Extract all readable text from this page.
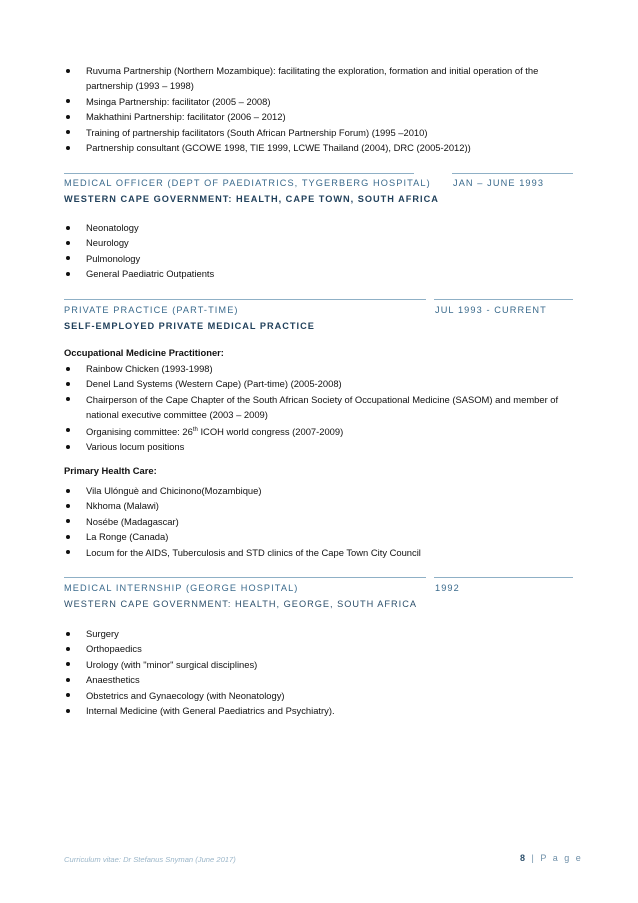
Ruvuma Partnership (Northern Mozambique): facilitating the exploration, formation and initial operation of the partnership (1993 – 1998)
Msinga Partnership: facilitator (2005 – 2008)
Makhathini Partnership: facilitator (2006 – 2012)
Training of partnership facilitators (South African Partnership Forum) (1995 –2010)
Partnership consultant (GCOWE 1998, TIE 1999, LCWE Thailand (2004), DRC (2005-2012))
MEDICAL OFFICER (DEPT OF PAEDIATRICS, TYGERBERG HOSPITAL) JAN – JUNE 1993
WESTERN CAPE GOVERNMENT: HEALTH, CAPE TOWN, SOUTH AFRICA
Neonatology
Neurology
Pulmonology
General Paediatric Outpatients
PRIVATE PRACTICE (PART-TIME)	JUL 1993 - CURRENT
SELF-EMPLOYED PRIVATE MEDICAL PRACTICE
Occupational Medicine Practitioner:
Rainbow Chicken (1993-1998)
Denel Land Systems (Western Cape) (Part-time) (2005-2008)
Chairperson of the Cape Chapter of the South African Society of Occupational Medicine (SASOM) and member of national executive committee (2003 – 2009)
Organising committee: 26th ICOH world congress (2007-2009)
Various locum positions
Primary Health Care:
Vila Ulónguè and Chicinono(Mozambique)
Nkhoma (Malawi)
Nosébe (Madagascar)
La Ronge (Canada)
Locum for the AIDS, Tuberculosis and STD clinics of the Cape Town City Council
MEDICAL INTERNSHIP (GEORGE HOSPITAL)	1992
WESTERN CAPE GOVERNMENT: HEALTH, GEORGE, SOUTH AFRICA
Surgery
Orthopaedics
Urology (with "minor" surgical disciplines)
Anaesthetics
Obstetrics and Gynaecology (with Neonatology)
Internal Medicine (with General Paediatrics and Psychiatry).
Curriculum vitae: Dr Stefanus Snyman (June 2017)	8 | P a g e
